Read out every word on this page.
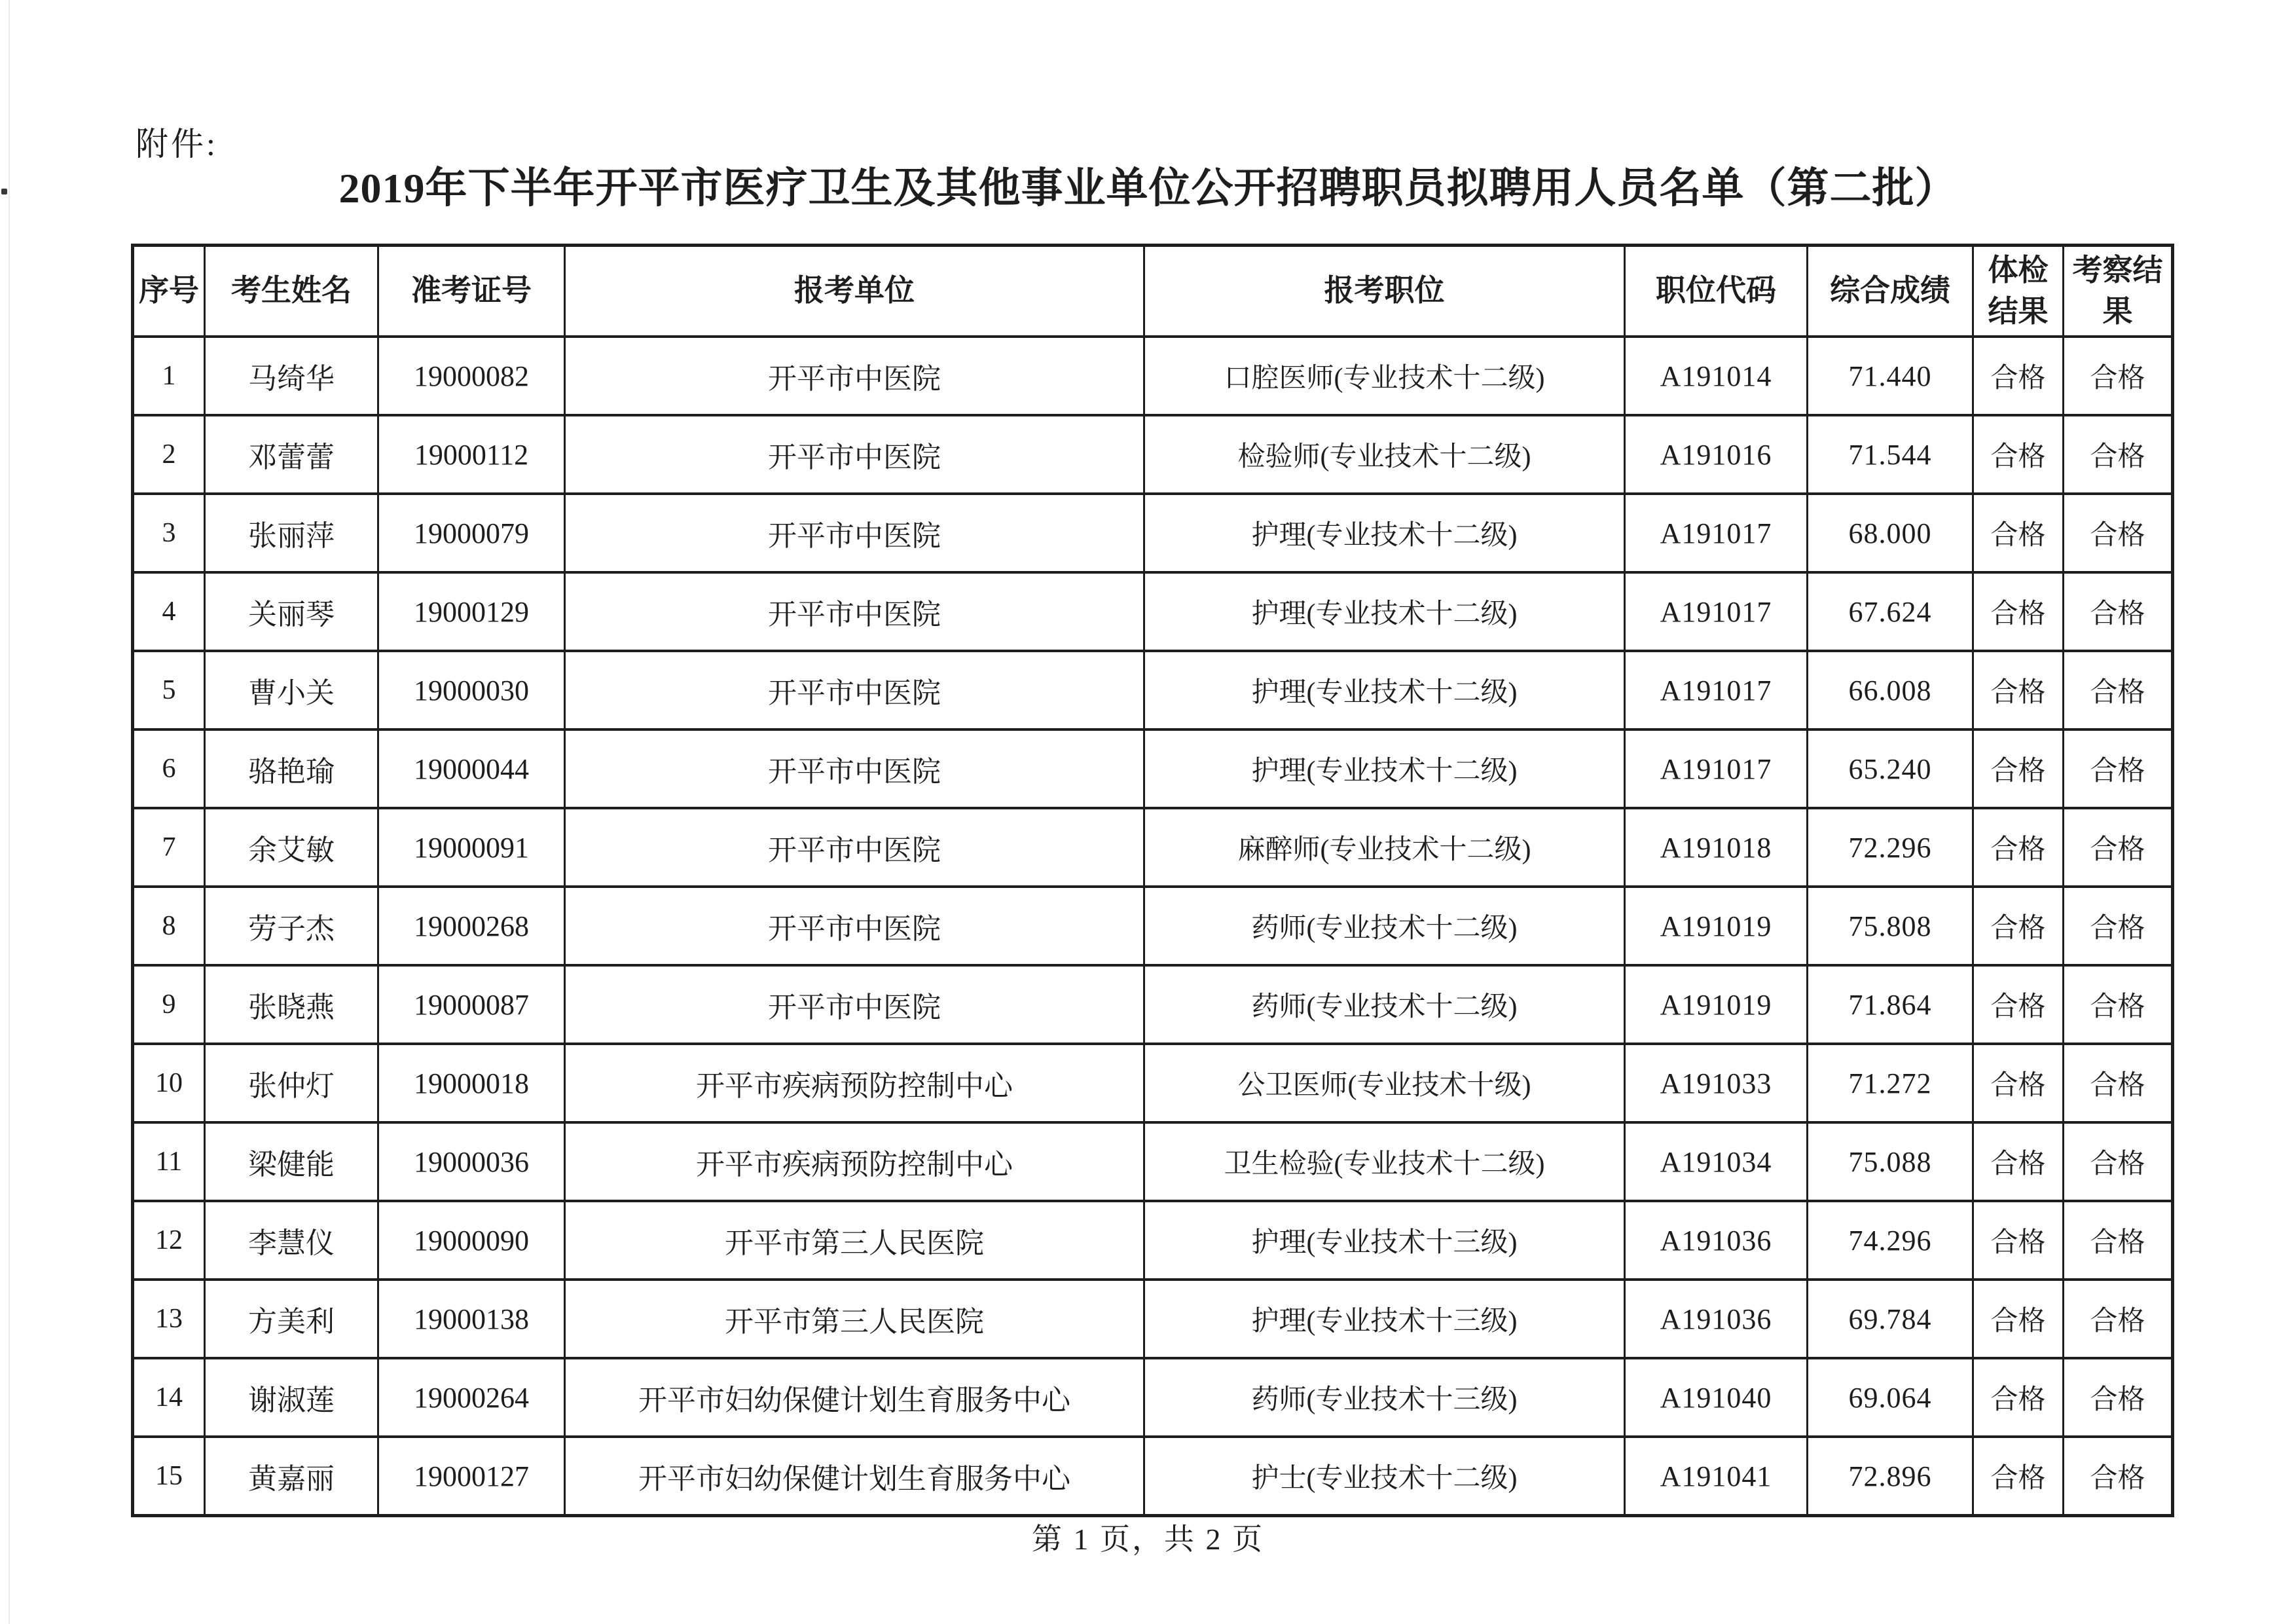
附件:
2019年下半年开平市医疗卫生及其他事业单位公开招聘职员拟聘用人员名单（第二批）
序号	考生姓名	准考证号	报考单位	报考职位	职位代码	综合成绩	体检结果	考察结果
1	马绮华	19000082	开平市中医院	口腔医师(专业技术十二级)	A191014	71.440	合格	合格
2	邓蕾蕾	19000112	开平市中医院	检验师(专业技术十二级)	A191016	71.544	合格	合格
3	张丽萍	19000079	开平市中医院	护理(专业技术十二级)	A191017	68.000	合格	合格
4	关丽琴	19000129	开平市中医院	护理(专业技术十二级)	A191017	67.624	合格	合格
5	曹小关	19000030	开平市中医院	护理(专业技术十二级)	A191017	66.008	合格	合格
6	骆艳瑜	19000044	开平市中医院	护理(专业技术十二级)	A191017	65.240	合格	合格
7	余艾敏	19000091	开平市中医院	麻醉师(专业技术十二级)	A191018	72.296	合格	合格
8	劳子杰	19000268	开平市中医院	药师(专业技术十二级)	A191019	75.808	合格	合格
9	张晓燕	19000087	开平市中医院	药师(专业技术十二级)	A191019	71.864	合格	合格
10	张仲灯	19000018	开平市疾病预防控制中心	公卫医师(专业技术十级)	A191033	71.272	合格	合格
11	梁健能	19000036	开平市疾病预防控制中心	卫生检验(专业技术十二级)	A191034	75.088	合格	合格
12	李慧仪	19000090	开平市第三人民医院	护理(专业技术十三级)	A191036	74.296	合格	合格
13	方美利	19000138	开平市第三人民医院	护理(专业技术十三级)	A191036	69.784	合格	合格
14	谢淑莲	19000264	开平市妇幼保健计划生育服务中心	药师(专业技术十三级)	A191040	69.064	合格	合格
15	黄嘉丽	19000127	开平市妇幼保健计划生育服务中心	护士(专业技术十二级)	A191041	72.896	合格	合格
第 1 页，共 2 页
